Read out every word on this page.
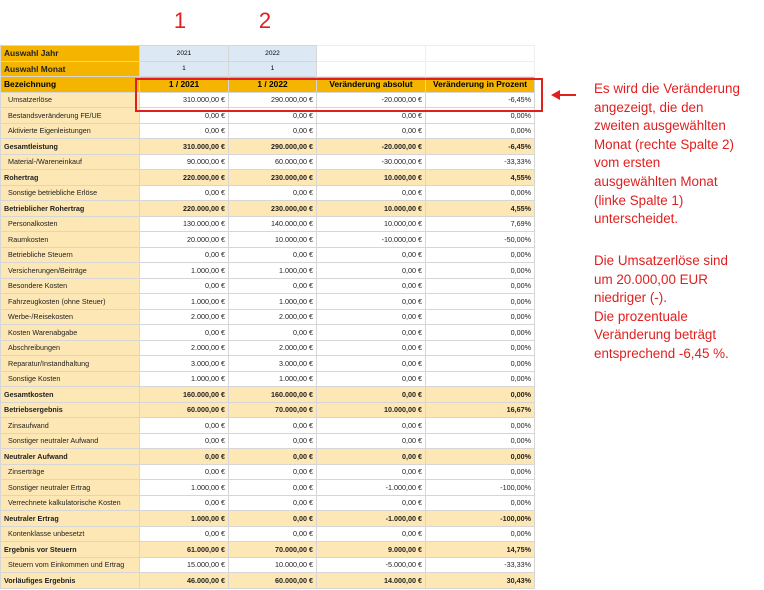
1	2
Auswahl Jahr	2021	2022		
Auswahl Monat	1	1		
Bezeichnung	1 / 2021	1 / 2022	Veränderung absolut	Veränderung in Prozent
Umsatzerlöse	310.000,00 €	290.000,00 €	-20.000,00 €	-6,45%
Bestandsveränderung FE/UE	0,00 €	0,00 €	0,00 €	0,00%
Aktivierte Eigenleistungen	0,00 €	0,00 €	0,00 €	0,00%
Gesamtleistung	310.000,00 €	290.000,00 €	-20.000,00 €	-6,45%
Material-/Wareneinkauf	90.000,00 €	60.000,00 €	-30.000,00 €	-33,33%
Rohertrag	220.000,00 €	230.000,00 €	10.000,00 €	4,55%
Sonstige betriebliche Erlöse	0,00 €	0,00 €	0,00 €	0,00%
Betrieblicher Rohertrag	220.000,00 €	230.000,00 €	10.000,00 €	4,55%
Personalkosten	130.000,00 €	140.000,00 €	10.000,00 €	7,69%
Raumkosten	20.000,00 €	10.000,00 €	-10.000,00 €	-50,00%
Betriebliche Steuern	0,00 €	0,00 €	0,00 €	0,00%
Versicherungen/Beiträge	1.000,00 €	1.000,00 €	0,00 €	0,00%
Besondere Kosten	0,00 €	0,00 €	0,00 €	0,00%
Fahrzeugkosten (ohne Steuer)	1.000,00 €	1.000,00 €	0,00 €	0,00%
Werbe-/Reisekosten	2.000,00 €	2.000,00 €	0,00 €	0,00%
Kosten Warenabgabe	0,00 €	0,00 €	0,00 €	0,00%
Abschreibungen	2.000,00 €	2.000,00 €	0,00 €	0,00%
Reparatur/Instandhaltung	3.000,00 €	3.000,00 €	0,00 €	0,00%
Sonstige Kosten	1.000,00 €	1.000,00 €	0,00 €	0,00%
Gesamtkosten	160.000,00 €	160.000,00 €	0,00 €	0,00%
Betriebsergebnis	60.000,00 €	70.000,00 €	10.000,00 €	16,67%
Zinsaufwand	0,00 €	0,00 €	0,00 €	0,00%
Sonstiger neutraler Aufwand	0,00 €	0,00 €	0,00 €	0,00%
Neutraler Aufwand	0,00 €	0,00 €	0,00 €	0,00%
Zinserträge	0,00 €	0,00 €	0,00 €	0,00%
Sonstiger neutraler Ertrag	1.000,00 €	0,00 €	-1.000,00 €	-100,00%
Verrechnete kalkulatorische Kosten	0,00 €	0,00 €	0,00 €	0,00%
Neutraler Ertrag	1.000,00 €	0,00 €	-1.000,00 €	-100,00%
Kontenklasse unbesetzt	0,00 €	0,00 €	0,00 €	0,00%
Ergebnis vor Steuern	61.000,00 €	70.000,00 €	9.000,00 €	14,75%
Steuern vom Einkommen und Ertrag	15.000,00 €	10.000,00 €	-5.000,00 €	-33,33%
Vorläufiges Ergebnis	46.000,00 €	60.000,00 €	14.000,00 €	30,43%
Es wird die Veränderung
angezeigt, die den
zweiten ausgewählten
Monat (rechte Spalte 2)
vom ersten
ausgewählten Monat
(linke Spalte 1)
unterscheidet.
Die Umsatzerlöse sind
um 20.000,00 EUR
niedriger (-).
Die prozentuale
Veränderung beträgt
entsprechend -6,45 %.
